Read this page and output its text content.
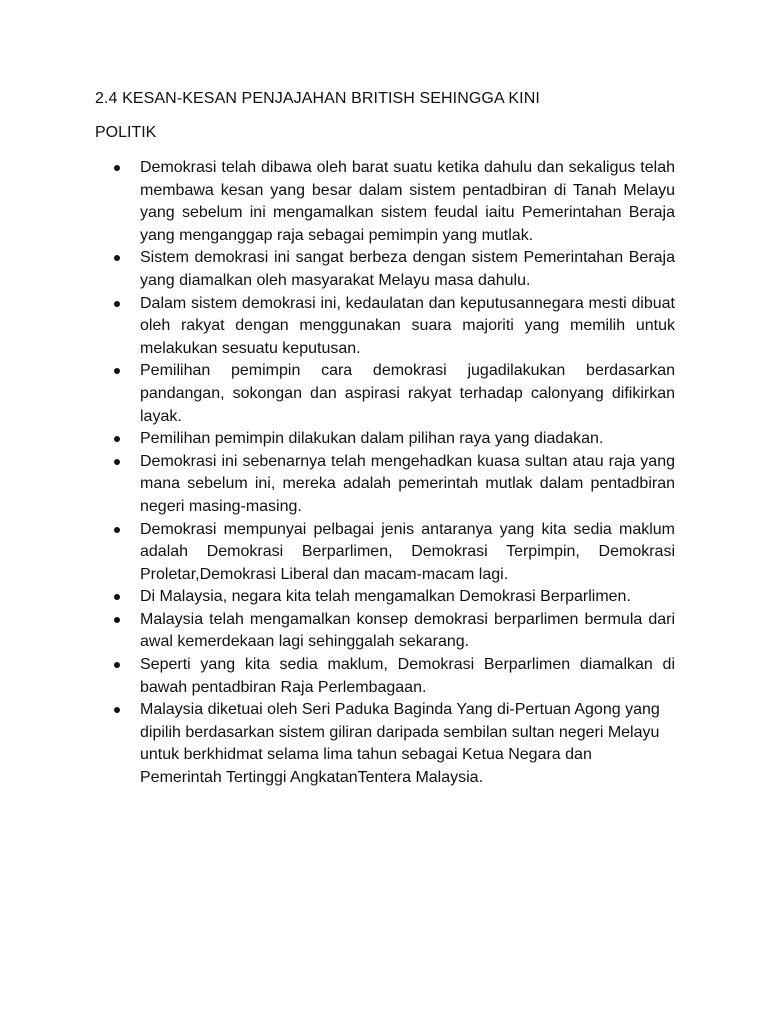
2.4 KESAN-KESAN PENJAJAHAN BRITISH SEHINGGA KINI
POLITIK
Demokrasi telah dibawa oleh barat suatu ketika dahulu dan sekaligus telah membawa kesan yang besar dalam sistem pentadbiran di Tanah Melayu yang sebelum ini mengamalkan sistem feudal iaitu Pemerintahan Beraja yang menganggap raja sebagai pemimpin yang mutlak.
Sistem demokrasi ini sangat berbeza dengan sistem Pemerintahan Beraja yang diamalkan oleh masyarakat Melayu masa dahulu.
Dalam sistem demokrasi ini, kedaulatan dan keputusannegara mesti dibuat oleh rakyat dengan menggunakan suara majoriti yang memilih untuk melakukan sesuatu keputusan.
Pemilihan pemimpin cara demokrasi jugadilakukan berdasarkan pandangan, sokongan dan aspirasi rakyat terhadap calonyang difikirkan layak.
Pemilihan pemimpin dilakukan dalam pilihan raya yang diadakan.
Demokrasi ini sebenarnya telah mengehadkan kuasa sultan atau raja yang mana sebelum ini, mereka adalah pemerintah mutlak dalam pentadbiran negeri masing-masing.
Demokrasi mempunyai pelbagai jenis antaranya yang kita sedia maklum adalah Demokrasi Berparlimen, Demokrasi Terpimpin, Demokrasi Proletar,Demokrasi Liberal dan macam-macam lagi.
Di Malaysia, negara kita telah mengamalkan Demokrasi Berparlimen.
Malaysia telah mengamalkan konsep demokrasi berparlimen bermula dari awal kemerdekaan lagi sehinggalah sekarang.
Seperti yang kita sedia maklum, Demokrasi Berparlimen diamalkan di bawah pentadbiran Raja Perlembagaan.
Malaysia diketuai oleh Seri Paduka Baginda Yang di-Pertuan Agong yang dipilih berdasarkan sistem giliran daripada sembilan sultan negeri Melayu untuk berkhidmat selama lima tahun sebagai Ketua Negara dan Pemerintah Tertinggi AngkatanTentera Malaysia.
